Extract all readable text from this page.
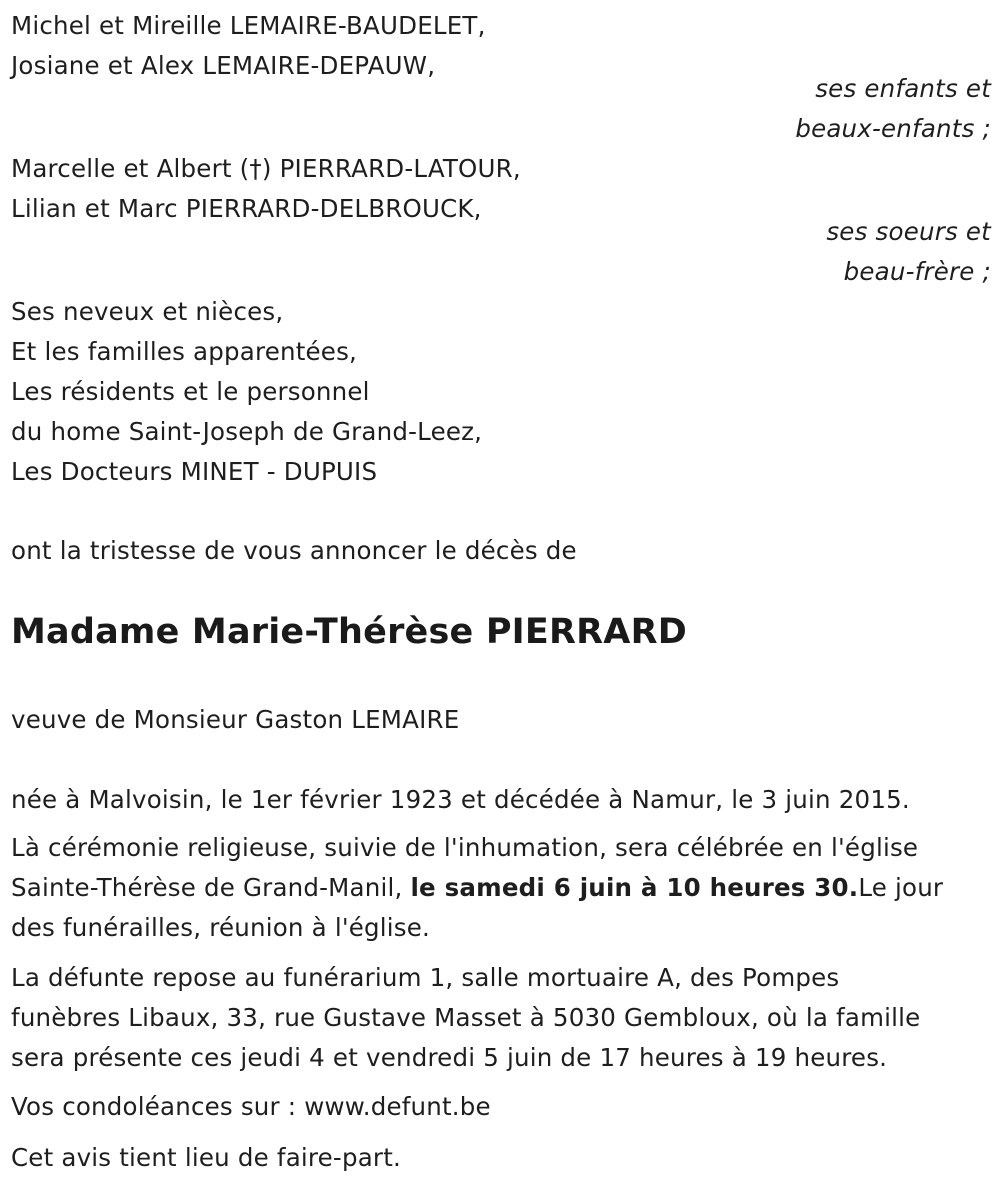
Michel et Mireille LEMAIRE-BAUDELET,
Josiane et Alex LEMAIRE-DEPAUW,
ses enfants et
beaux-enfants ;
Marcelle et Albert (†) PIERRARD-LATOUR,
Lilian et Marc PIERRARD-DELBROUCK,
ses soeurs et
beau-frère ;
Ses neveux et nièces,
Et les familles apparentées,
Les résidents et le personnel
du home Saint-Joseph de Grand-Leez,
Les Docteurs MINET - DUPUIS
ont la tristesse de vous annoncer le décès de
Madame Marie-Thérèse PIERRARD
veuve de Monsieur Gaston LEMAIRE
née à Malvoisin, le 1er février 1923 et décédée à Namur, le 3 juin 2015.
Là cérémonie religieuse, suivie de l'inhumation, sera célébrée en l'église
Sainte-Thérèse de Grand-Manil, le samedi 6 juin à 10 heures 30.Le jour
des funérailles, réunion à l'église.
La défunte repose au funérarium 1, salle mortuaire A, des Pompes
funèbres Libaux, 33, rue Gustave Masset à 5030 Gembloux, où la famille
sera présente ces jeudi 4 et vendredi 5 juin de 17 heures à 19 heures.
Vos condoléances sur : www.defunt.be
Cet avis tient lieu de faire-part.
